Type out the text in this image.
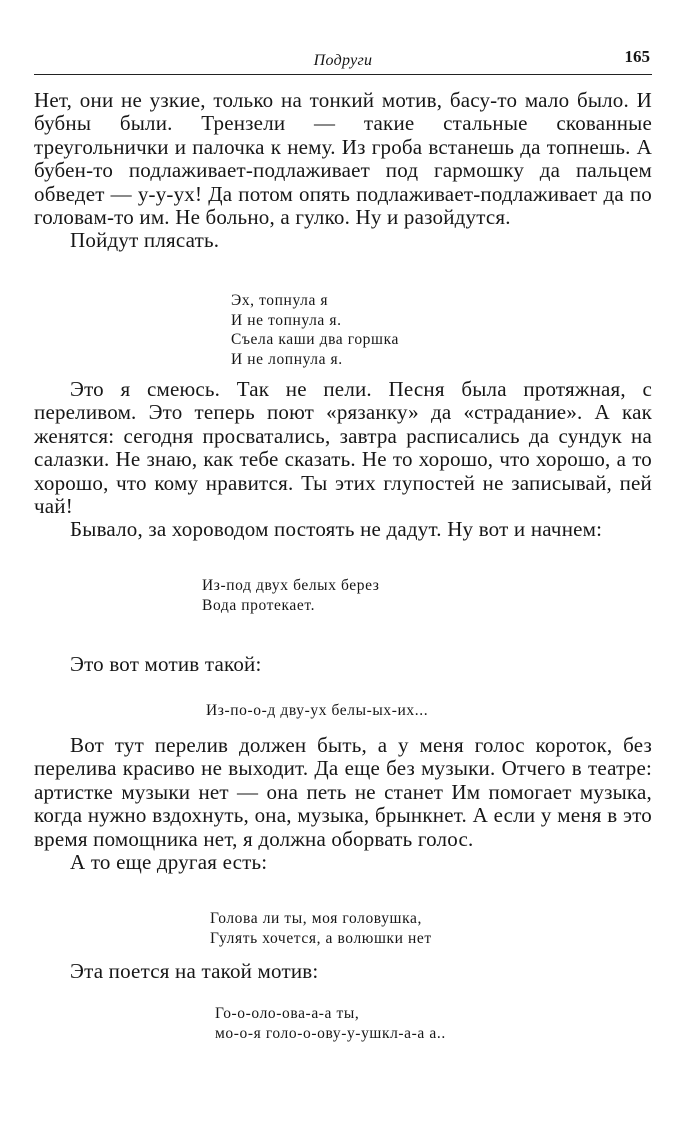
Подруги	165

Нет, они не узкие, только на тонкий мотив, басу-то мало было. И бубны были. Трензели — такие стальные скованные треугольнички и палочка к нему. Из гроба встанешь да топнешь. А бубен-то подлаживает-подлаживает под гармошку да пальцем обведет — у-у-ух! Да потом опять подлаживает-подлаживает да по головам-то им. Не больно, а гулко. Ну и разойдутся.

Пойдут плясать.

Эх, топнула я
И не топнула я.
Съела каши два горшка
И не лопнула я.

Это я смеюсь. Так не пели. Песня была протяжная, с переливом. Это теперь поют «рязанку» да «страдание». А как женятся: сегодня просватались, завтра расписались да сундук на салазки. Не знаю, как тебе сказать. Не то хорошо, что хорошо, а то хорошо, что кому нравится. Ты этих глупостей не записывай, пей чай!

Бывало, за хороводом постоять не дадут. Ну вот и начнем:

Из-под двух белых берез
Вода протекает.

Это вот мотив такой:

Из-по-о-д дву-ух белы-ых-их...

Вот тут перелив должен быть, а у меня голос короток, без перелива красиво не выходит. Да еще без музыки. Отчего в театре: артистке музыки нет — она петь не станет Им помогает музыка, когда нужно вздохнуть, она, музыка, брынкнет. А если у меня в это время помощника нет, я должна оборвать голос.

А то еще другая есть:

Голова ли ты, моя головушка,
Гулять хочется, а волюшки нет

Эта поется на такой мотив:

Го-о-оло-ова-а-а ты,
мо-о-я голо-о-ову-у-ушкл-а-а а..
